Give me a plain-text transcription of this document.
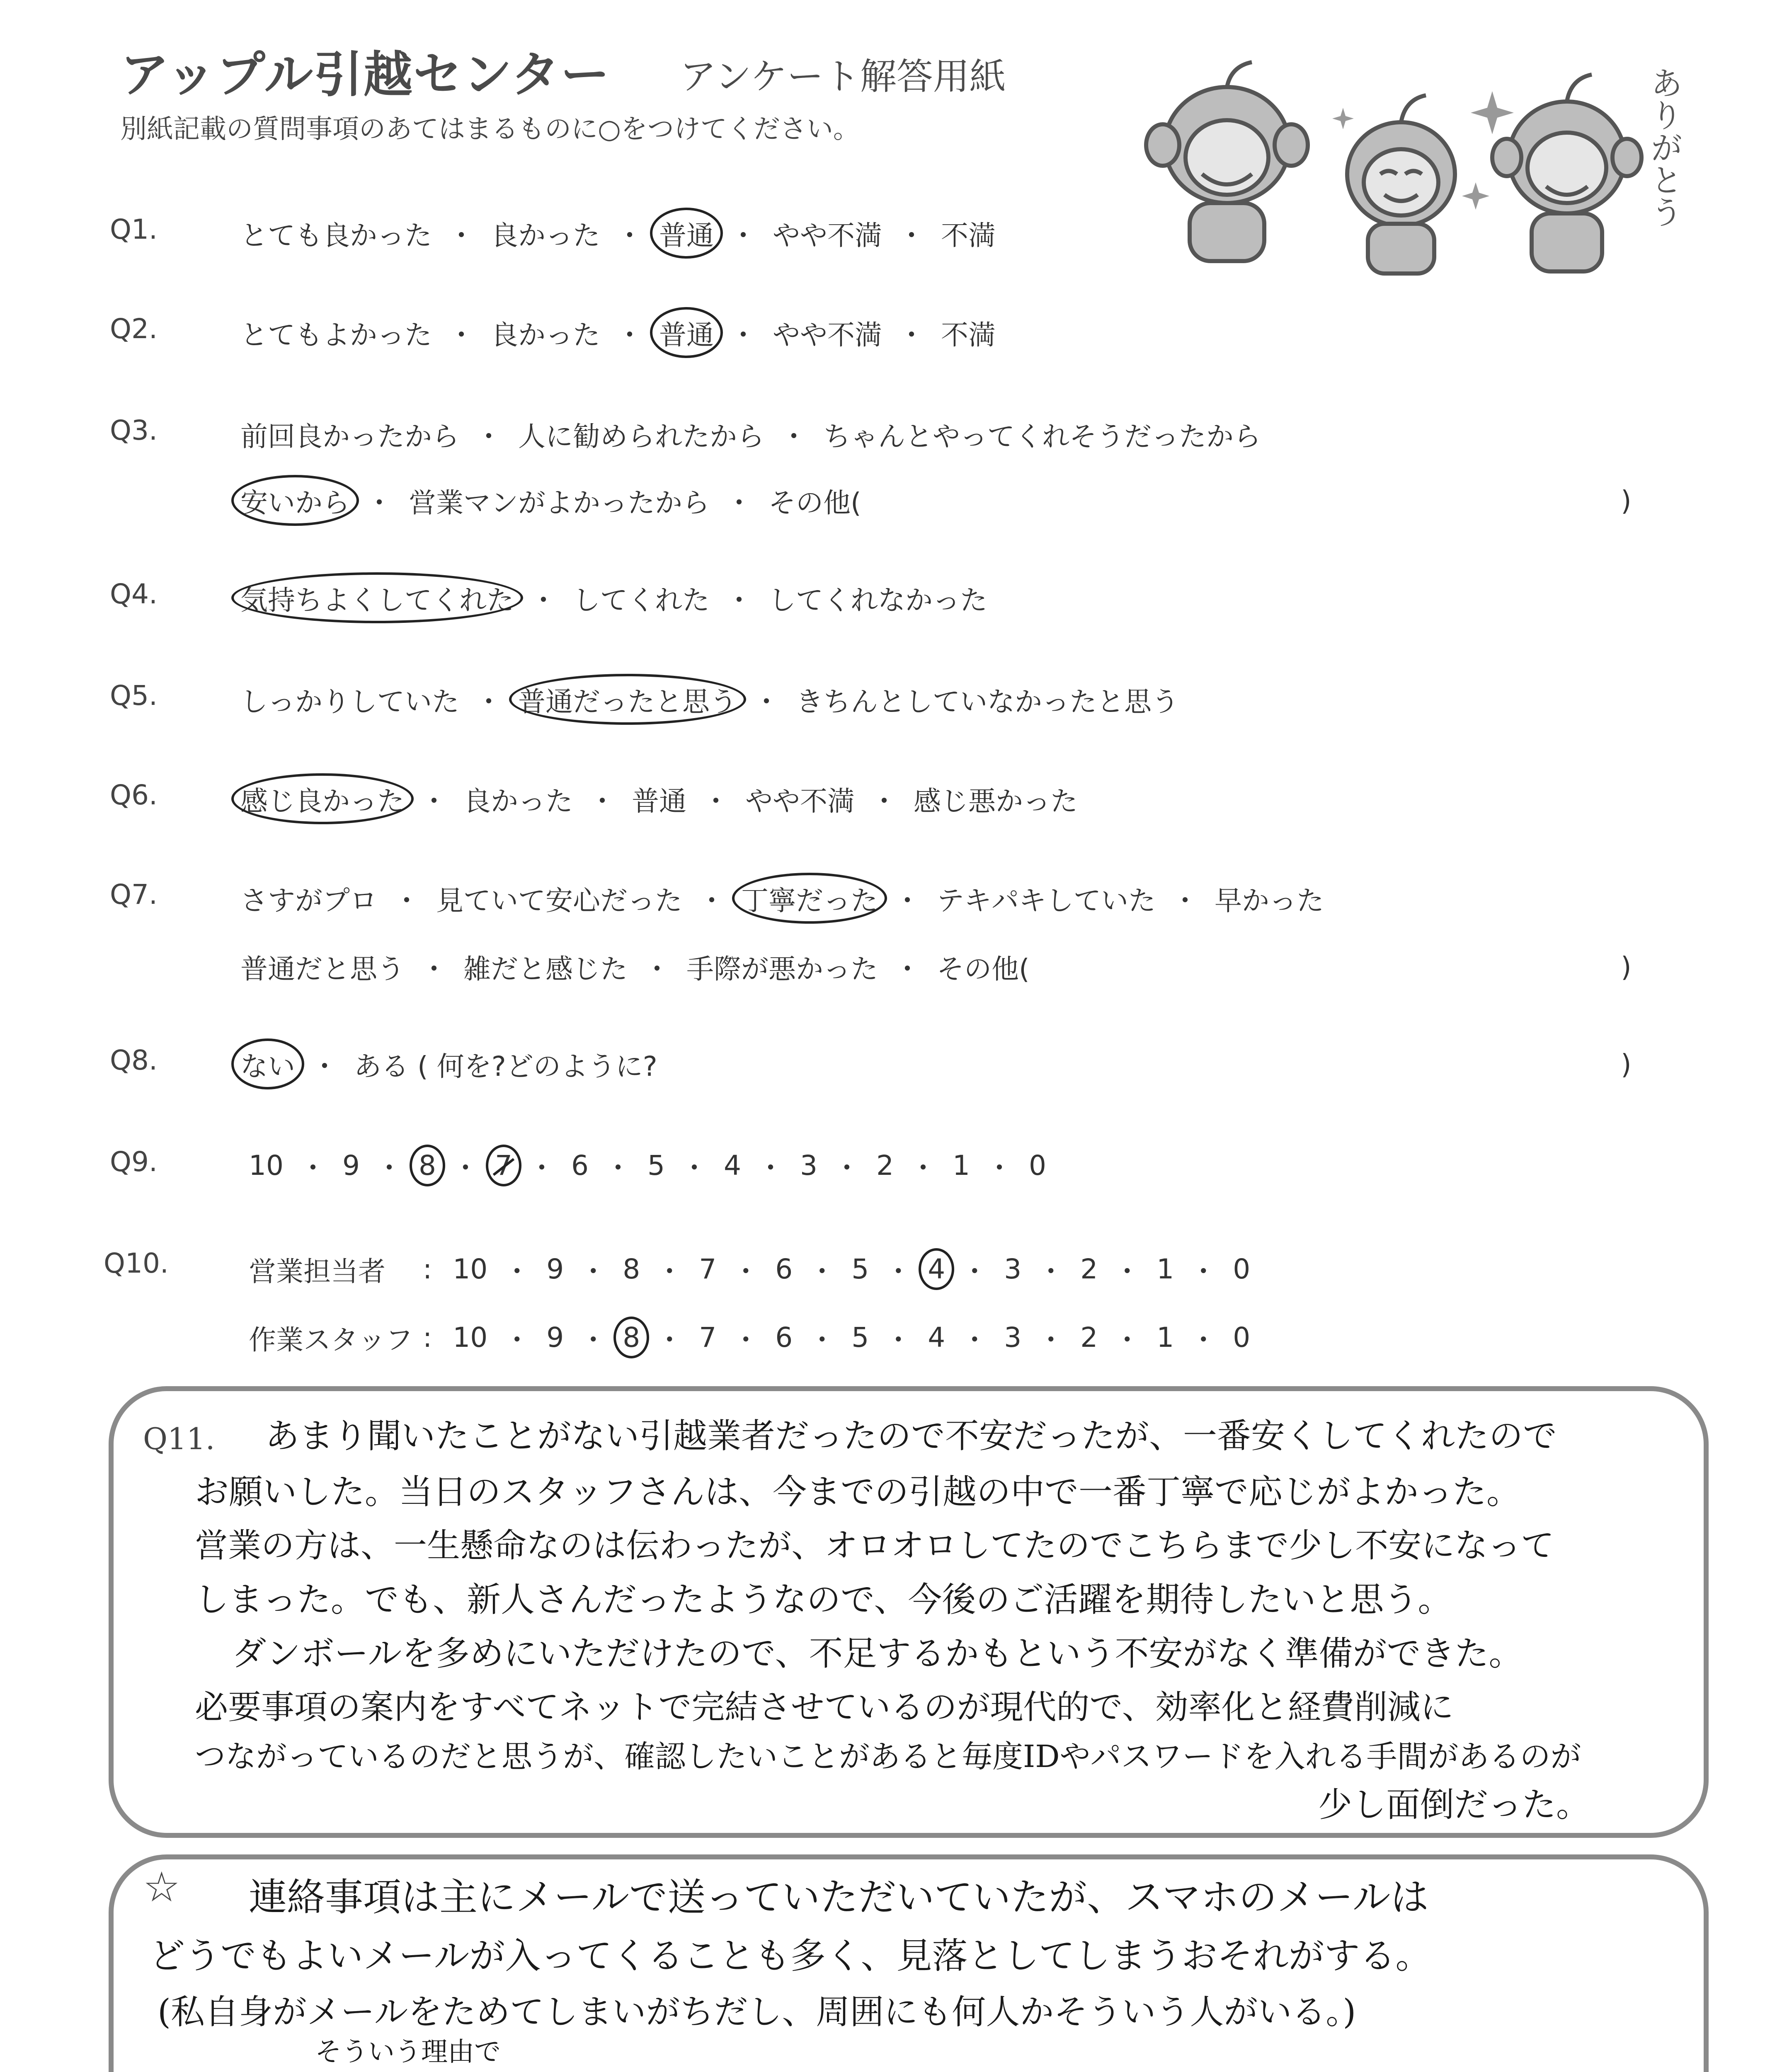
アップル引越センター アンケート解答用紙
別紙記載の質問事項のあてはまるものに○をつけてください。	ありがとう
Q1.	とても良かった ・ 良かった ・ 普通 ・ やや不満 ・ 不満
Q2.	とてもよかった ・ 良かった ・ 普通 ・ やや不満 ・ 不満
Q3.	前回良かったから ・ 人に勧められたから ・ ちゃんとやってくれそうだったから
安いから ・ 営業マンがよかったから ・ その他(	)
Q4.	気持ちよくしてくれた ・ してくれた ・ してくれなかった
Q5.	しっかりしていた ・ 普通だったと思う ・ きちんとしていなかったと思う
Q6.	感じ良かった ・ 良かった ・ 普通 ・ やや不満 ・ 感じ悪かった
Q7.	さすがプロ ・ 見ていて安心だった ・ 丁寧だった ・ テキパキしていた ・ 早かった
普通だと思う ・ 雑だと感じた ・ 手際が悪かった ・ その他(	)
Q8.	ない ・ ある ( 何を?どのように?	)
Q9.	10 ・ 9 ・ 8 ・ 7 ・ 6 ・ 5 ・ 4 ・ 3 ・ 2 ・ 1 ・ 0
Q10.	営業担当者	: 10 ・ 9 ・ 8 ・ 7 ・ 6 ・ 5 ・ 4 ・ 3 ・ 2 ・ 1 ・ 0
作業スタッフ : 10 ・ 9 ・ 8 ・ 7 ・ 6 ・ 5 ・ 4 ・ 3 ・ 2 ・ 1 ・ 0
Q11. あまり聞いたことがない引越業者だったので不安だったが、一番安くしてくれたので
お願いした。当日のスタッフさんは、今までの引越の中で一番丁寧で応じがよかった。
営業の方は、一生懸命なのは伝わったが、オロオロしてたのでこちらまで少し不安になって
しまった。でも、新人さんだったようなので、今後のご活躍を期待したいと思う。
ダンボールを多めにいただけたので、不足するかもという不安がなく準備ができた。
必要事項の案内をすべてネットで完結させているのが現代的で、効率化と経費削減に
つながっているのだと思うが、確認したいことがあると毎度IDやパスワードを入れる手間があるのが
少し面倒だった。
☆ 連絡事項は主にメールで送っていただいていたが、スマホのメールは
どうでもよいメールが入ってくることも多く、見落としてしまうおそれがする。
(私自身がメールをためてしまいがちだし、周囲にも何人かそういう人がいる。)
そういう理由で
